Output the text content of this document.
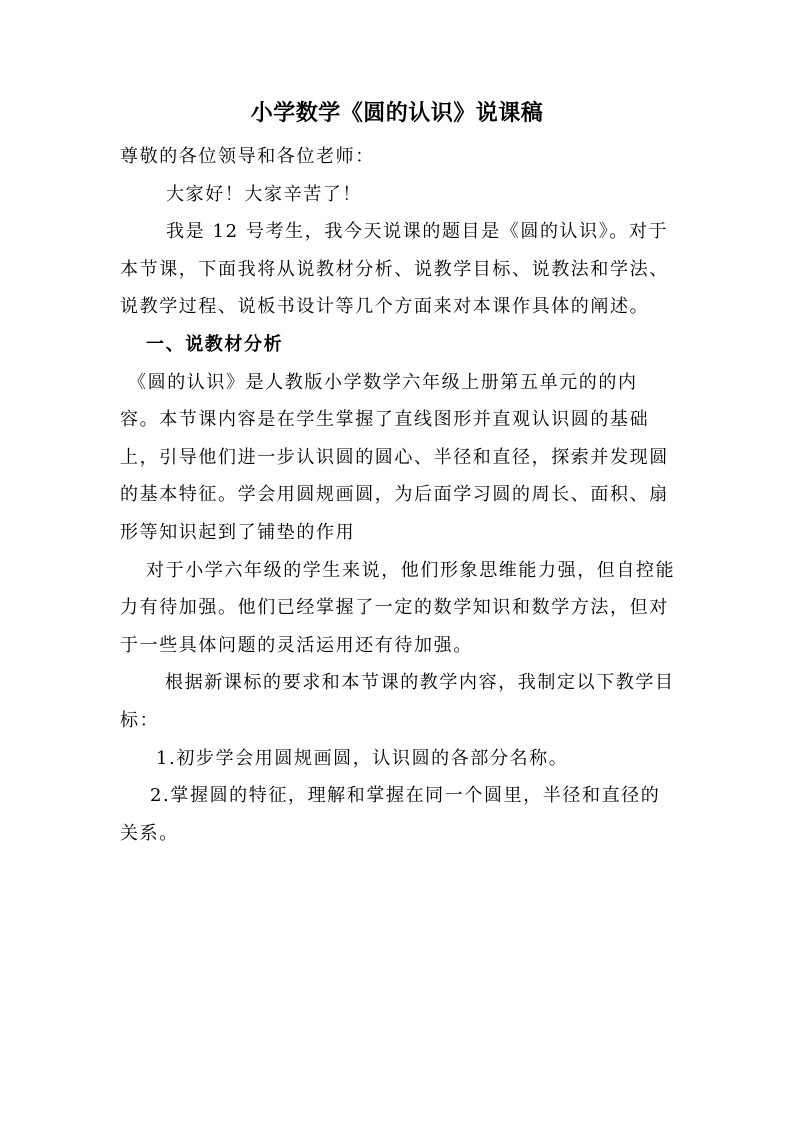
小学数学《圆的认识》说课稿

尊敬的各位领导和各位老师：

大家好！大家辛苦了！

我是 12 号考生，我今天说课的题目是《圆的认识》。对于本节课，下面我将从说教材分析、说教学目标、说教法和学法、说教学过程、说板书设计等几个方面来对本课作具体的阐述。

一、说教材分析

《圆的认识》是人教版小学数学六年级上册第五单元的的内容。本节课内容是在学生掌握了直线图形并直观认识圆的基础上，引导他们进一步认识圆的圆心、半径和直径，探索并发现圆的基本特征。学会用圆规画圆，为后面学习圆的周长、面积、扇形等知识起到了铺垫的作用

对于小学六年级的学生来说，他们形象思维能力强，但自控能力有待加强。他们已经掌握了一定的数学知识和数学方法，但对于一些具体问题的灵活运用还有待加强。

根据新课标的要求和本节课的教学内容，我制定以下教学目标：

1.初步学会用圆规画圆，认识圆的各部分名称。

2.掌握圆的特征，理解和掌握在同一个圆里，半径和直径的关系。
